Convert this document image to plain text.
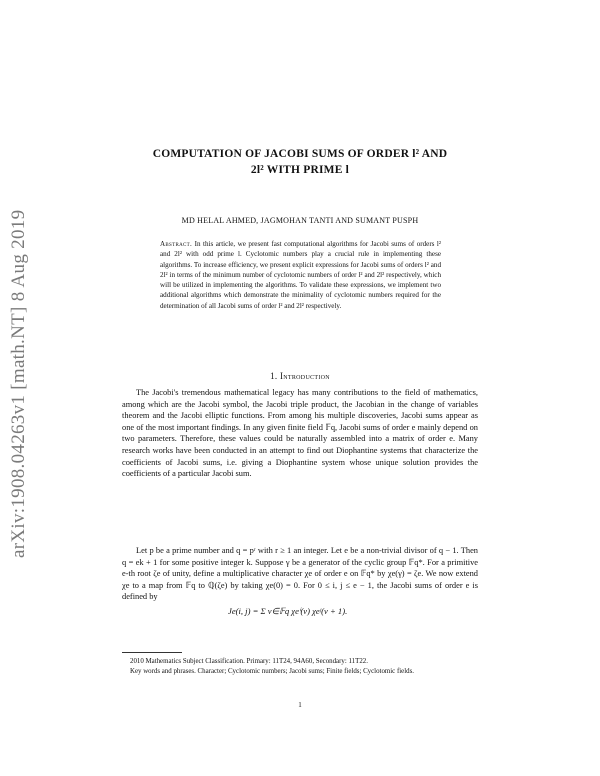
arXiv:1908.04263v1 [math.NT] 8 Aug 2019
COMPUTATION OF JACOBI SUMS OF ORDER l² AND
2l² WITH PRIME l
MD HELAL AHMED, JAGMOHAN TANTI AND SUMANT PUSPH
Abstract. In this article, we present fast computational algorithms for Jacobi sums of orders l² and 2l² with odd prime l. Cyclotomic numbers play a crucial rule in implementing these algorithms. To increase efficiency, we present explicit expressions for Jacobi sums of orders l² and 2l² in terms of the minimum number of cyclotomic numbers of order l² and 2l² respectively, which will be utilized in implementing the algorithms. To validate these expressions, we implement two additional algorithms which demonstrate the minimality of cyclotomic numbers required for the determination of all Jacobi sums of order l² and 2l² respectively.
1. Introduction

The Jacobi's tremendous mathematical legacy has many contributions to the field of mathematics, among which are the Jacobi symbol, the Jacobi triple product, the Jacobian in the change of variables theorem and the Jacobi elliptic functions. From among his multiple discoveries, Jacobi sums appear as one of the most important findings. In any given finite field 𝔽q, Jacobi sums of order e mainly depend on two parameters. Therefore, these values could be naturally assembled into a matrix of order e. Many research works have been conducted in an attempt to find out Diophantine systems that characterize the coefficients of Jacobi sums, i.e. giving a Diophantine system whose unique solution provides the coefficients of a particular Jacobi sum.

Let p be a prime number and q = pʳ with r ≥ 1 an integer. Let e be a non-trivial divisor of q − 1. Then q = ek + 1 for some positive integer k. Suppose γ be a generator of the cyclic group 𝔽q*. For a primitive e-th root ζe of unity, define a multiplicative character χe of order e on 𝔽q* by χe(γ) = ζe. We now extend χe to a map from 𝔽q to ℚ(ζe) by taking χe(0) = 0. For 0 ≤ i, j ≤ e − 1, the Jacobi sums of order e is defined by

Je(i, j) = Σ v∈𝔽q χeⁱ(v) χeʲ(v + 1).

2010 Mathematics Subject Classification. Primary: 11T24, 94A60, Secondary: 11T22.

Key words and phrases. Character; Cyclotomic numbers; Jacobi sums; Finite fields; Cyclotomic fields.

1
